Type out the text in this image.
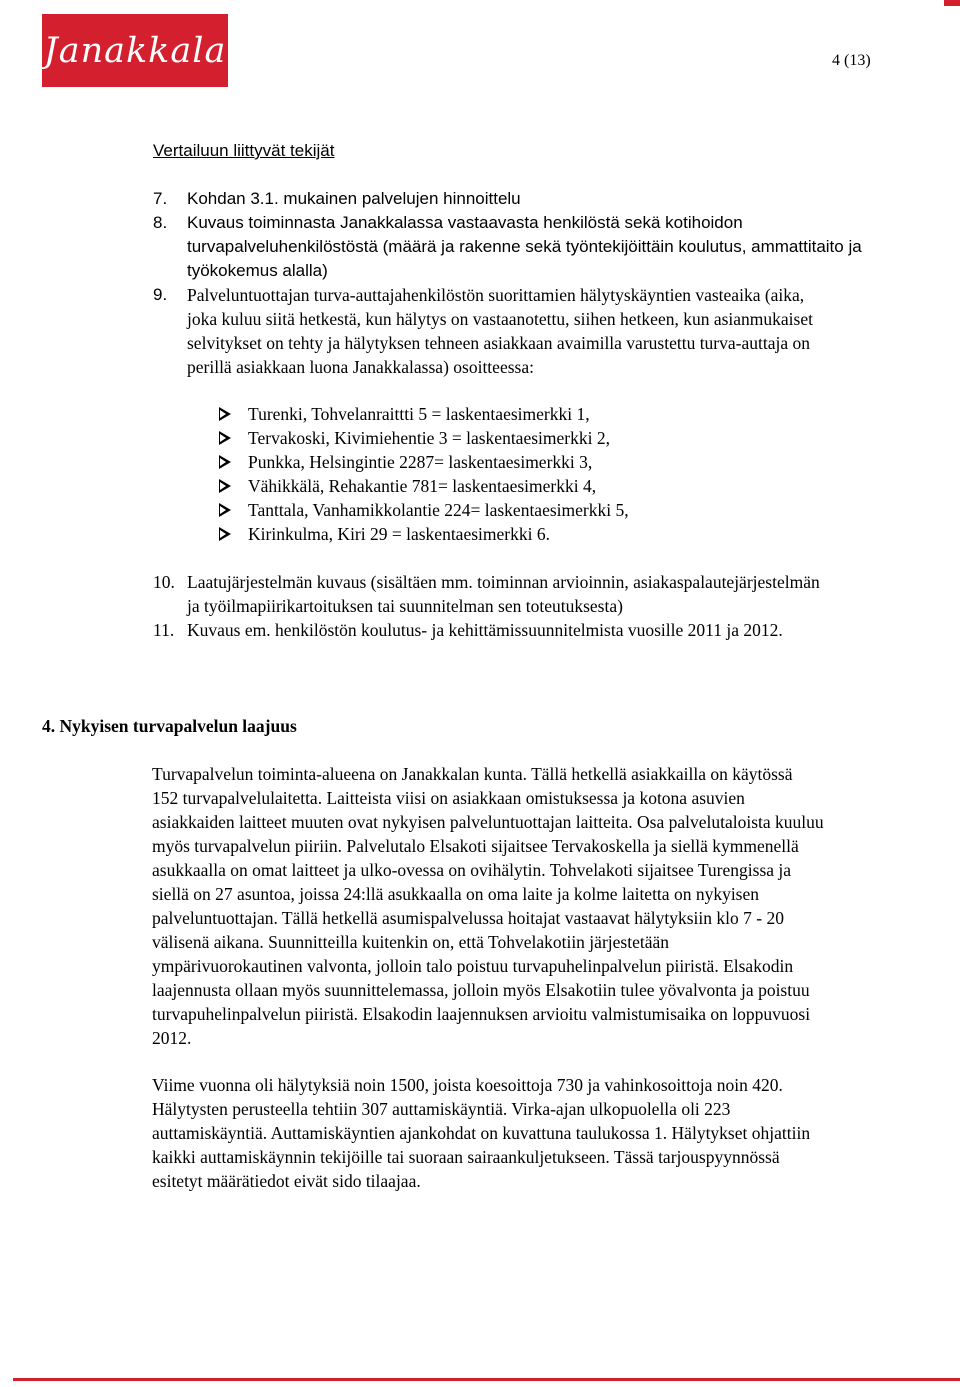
Janakkala	4 (13)
Vertailuun liittyvät tekijät
7. Kohdan 3.1. mukainen palvelujen hinnoittelu
8. Kuvaus toiminnasta Janakkalassa vastaavasta henkilöstä sekä kotihoidon
turvapalveluhenkilöstöstä (määrä ja rakenne sekä työntekijöittäin koulutus, ammattitaito ja
työkokemus alalla)
9. Palveluntuottajan turva-auttajahenkilöstön suorittamien hälytyskäyntien vasteaika (aika,
joka kuluu siitä hetkestä, kun hälytys on vastaanotettu, siihen hetkeen, kun asianmukaiset
selvitykset on tehty ja hälytyksen tehneen asiakkaan avaimilla varustettu turva-auttaja on
perillä asiakkaan luona Janakkalassa) osoitteessa:
Turenki, Tohvelanraittti 5 = laskentaesimerkki 1,
Tervakoski, Kivimiehentie 3 = laskentaesimerkki 2,
Punkka, Helsingintie 2287= laskentaesimerkki 3,
Vähikkälä, Rehakantie 781= laskentaesimerkki 4,
Tanttala, Vanhamikkolantie 224= laskentaesimerkki 5,
Kirinkulma, Kiri 29 = laskentaesimerkki 6.
10. Laatujärjestelmän kuvaus (sisältäen mm. toiminnan arvioinnin, asiakaspalautejärjestelmän
ja työilmapiirikartoituksen tai suunnitelman sen toteutuksesta)
11. Kuvaus em. henkilöstön koulutus- ja kehittämissuunnitelmista vuosille 2011 ja 2012.
4. Nykyisen turvapalvelun laajuus
Turvapalvelun toiminta-alueena on Janakkalan kunta. Tällä hetkellä asiakkailla on käytössä
152 turvapalvelulaitetta. Laitteista viisi on asiakkaan omistuksessa ja kotona asuvien
asiakkaiden laitteet muuten ovat nykyisen palveluntuottajan laitteita. Osa palvelutaloista kuuluu
myös turvapalvelun piiriin. Palvelutalo Elsakoti sijaitsee Tervakoskella ja siellä kymmenellä
asukkaalla on omat laitteet ja ulko-ovessa on ovihälytin. Tohvelakoti sijaitsee Turengissa ja
siellä on 27 asuntoa, joissa 24:llä asukkaalla on oma laite ja kolme laitetta on nykyisen
palveluntuottajan. Tällä hetkellä asumispalvelussa hoitajat vastaavat hälytyksiin klo 7 - 20
välisenä aikana. Suunnitteilla kuitenkin on, että Tohvelakotiin järjestetään
ympärivuorokautinen valvonta, jolloin talo poistuu turvapuhelinpalvelun piiristä. Elsakodin
laajennusta ollaan myös suunnittelemassa, jolloin myös Elsakotiin tulee yövalvonta ja poistuu
turvapuhelinpalvelun piiristä. Elsakodin laajennuksen arvioitu valmistumisaika on loppuvuosi
2012.
Viime vuonna oli hälytyksiä noin 1500, joista koesoittoja 730 ja vahinkosoittoja noin 420.
Hälytysten perusteella tehtiin 307 auttamiskäyntiä. Virka-ajan ulkopuolella oli 223
auttamiskäyntiä. Auttamiskäyntien ajankohdat on kuvattuna taulukossa 1. Hälytykset ohjattiin
kaikki auttamiskäynnin tekijöille tai suoraan sairaankuljetukseen. Tässä tarjouspyynnössä
esitetyt määrätiedot eivät sido tilaajaa.
